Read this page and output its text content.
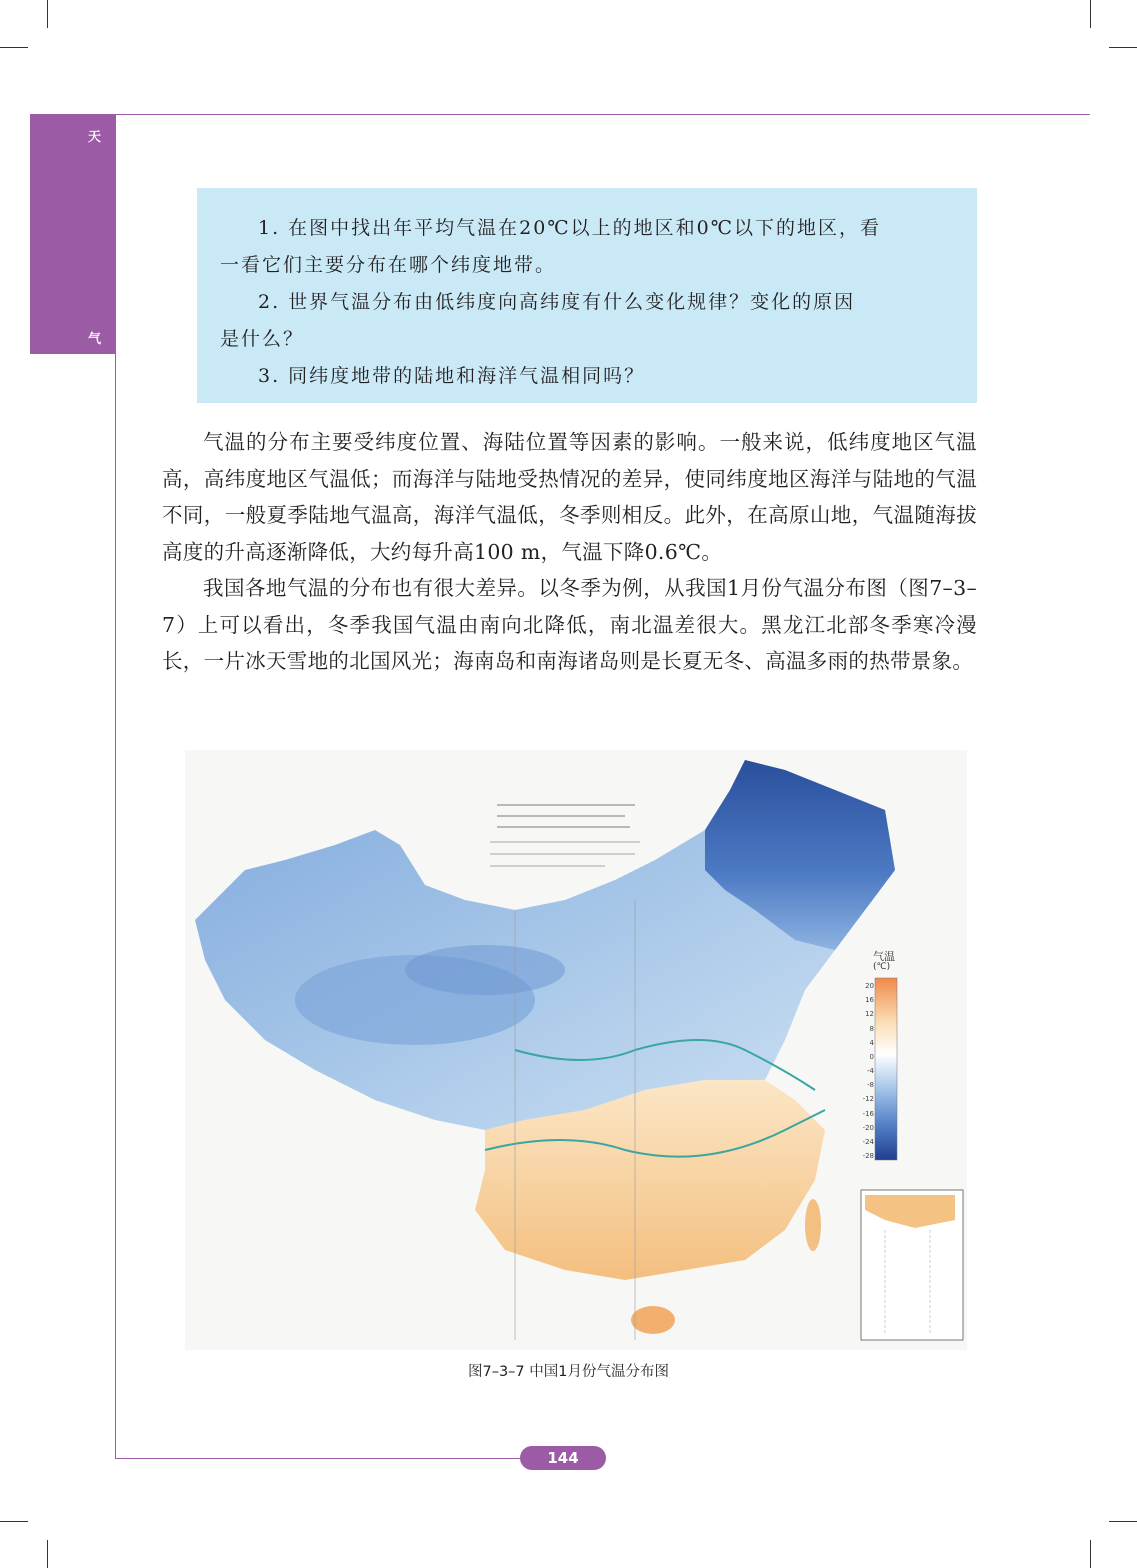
天
气

1. 在图中找出年平均气温在20℃以上的地区和0℃以下的地区，看

一看它们主要分布在哪个纬度地带。

2. 世界气温分布由低纬度向高纬度有什么变化规律？变化的原因

是什么？

3. 同纬度地带的陆地和海洋气温相同吗？

气温的分布主要受纬度位置、海陆位置等因素的影响。一般来说，低纬度地区气温高，高纬度地区气温低；而海洋与陆地受热情况的差异，使同纬度地区海洋与陆地的气温不同，一般夏季陆地气温高，海洋气温低，冬季则相反。此外，在高原山地，气温随海拔高度的升高逐渐降低，大约每升高100 m，气温下降0.6℃。

我国各地气温的分布也有很大差异。以冬季为例，从我国1月份气温分布图（图7–3–7）上可以看出，冬季我国气温由南向北降低，南北温差很大。黑龙江北部冬季寒冷漫长，一片冰天雪地的北国风光；海南岛和南海诸岛则是长夏无冬、高温多雨的热带景象。

气温
(℃)
20
16
12
8
4
0
-4
-8
-12
-16
-20
-24
-28
图7–3–7 中国1月份气温分布图
144
